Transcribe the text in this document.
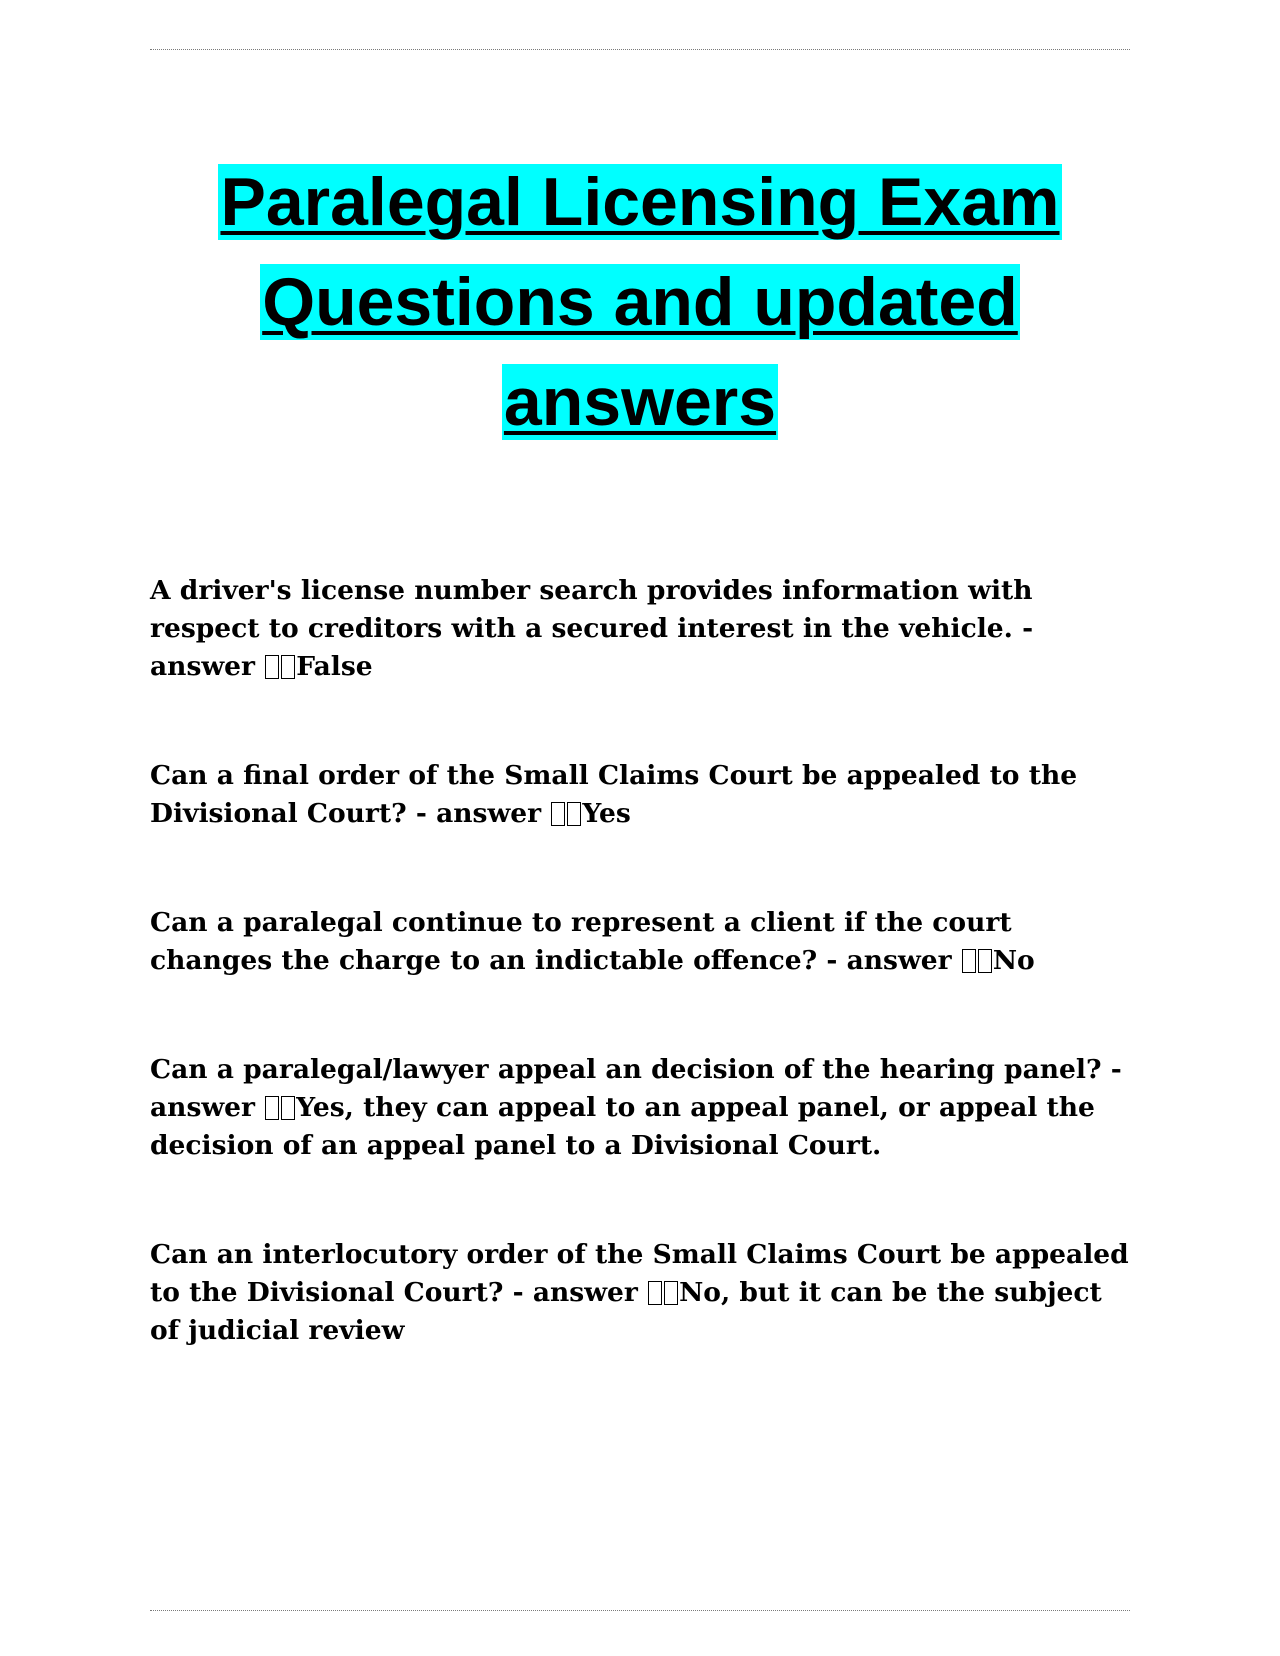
Paralegal Licensing Exam
Questions and updated
answers
A driver's license number search provides information with respect to creditors with a secured interest in the vehicle. - answer False
Can a final order of the Small Claims Court be appealed to the Divisional Court? - answer Yes
Can a paralegal continue to represent a client if the court changes the charge to an indictable offence? - answer No
Can a paralegal/lawyer appeal an decision of the hearing panel? - answer Yes, they can appeal to an appeal panel, or appeal the decision of an appeal panel to a Divisional Court.
Can an interlocutory order of the Small Claims Court be appealed to the Divisional Court? - answer No, but it can be the subject of judicial review
